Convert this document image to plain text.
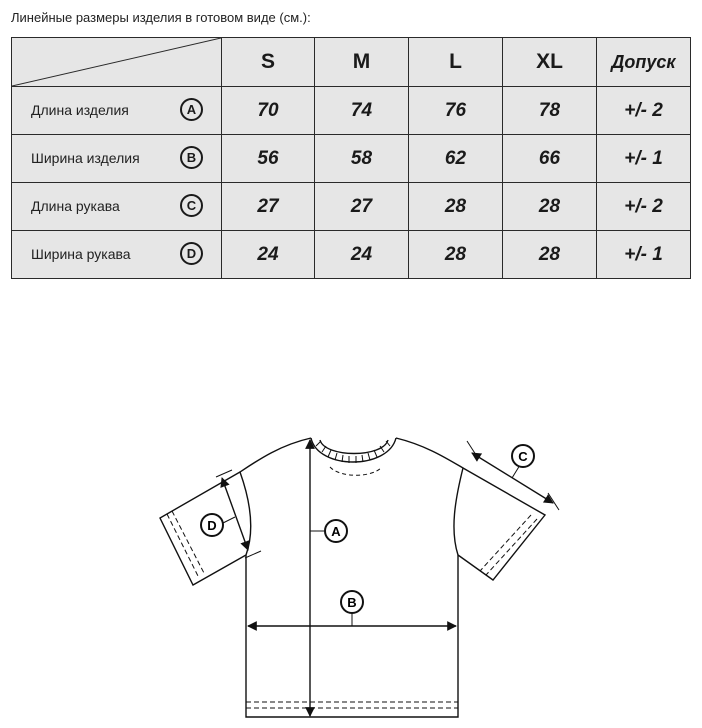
Линейные размеры изделия в готовом виде (см.):
	S	M	L	XL	Допуск

Длина изделия A	70	74	76	78	+/- 2

Ширина изделия B	56	58	62	66	+/- 1

Длина рукава C	27	27	28	28	+/- 2

Ширина рукава D	24	24	28	28	+/- 1
A
B
C
D
